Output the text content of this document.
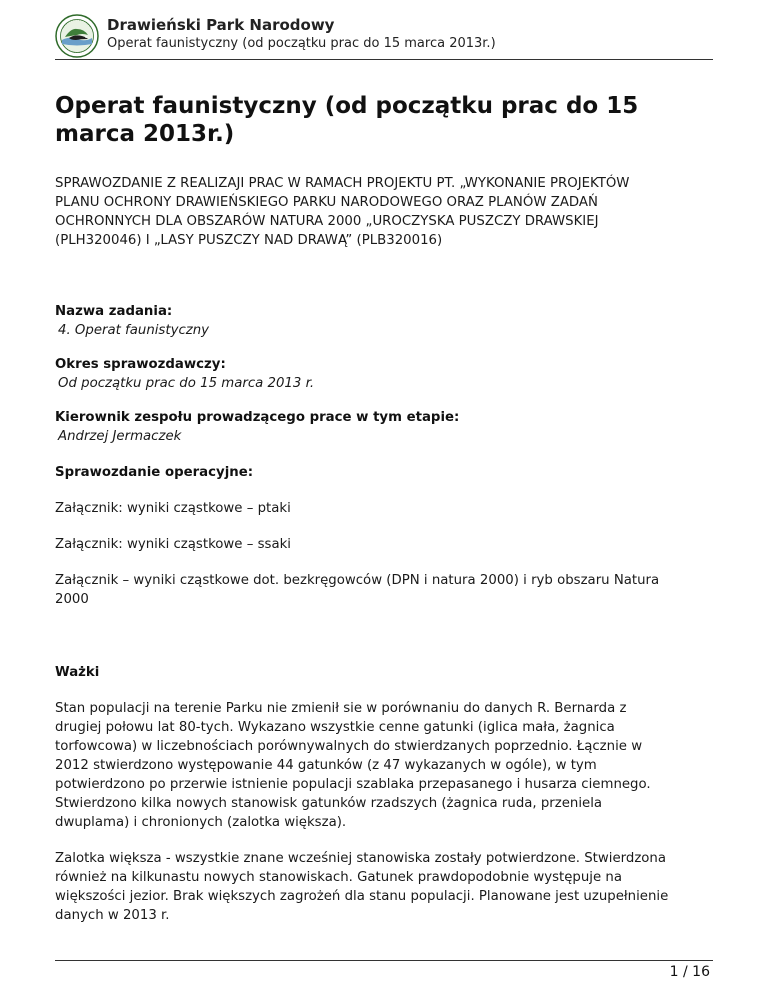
Drawieński Park Narodowy
Operat faunistyczny (od początku prac do 15 marca 2013r.)
Operat faunistyczny (od początku prac do 15 marca 2013r.)

SPRAWOZDANIE Z REALIZAJI PRAC W RAMACH PROJEKTU PT. „WYKONANIE PROJEKTÓW PLANU OCHRONY DRAWIEŃSKIEGO PARKU NARODOWEGO ORAZ PLANÓW ZADAŃ OCHRONNYCH DLA OBSZARÓW NATURA 2000 „UROCZYSKA PUSZCZY DRAWSKIEJ (PLH320046) I „LASY PUSZCZY NAD DRAWĄ” (PLB320016)

Nazwa zadania:
4. Operat faunistyczny
Okres sprawozdawczy:
Od początku prac do 15 marca 2013 r.
Kierownik zespołu prowadzącego prace w tym etapie:
Andrzej Jermaczek
Sprawozdanie operacyjne:

Załącznik: wyniki cząstkowe – ptaki

Załącznik: wyniki cząstkowe – ssaki

Załącznik – wyniki cząstkowe dot. bezkręgowców (DPN i natura 2000) i ryb obszaru Natura 2000

Ważki

Stan populacji na terenie Parku nie zmienił sie w porównaniu do danych R. Bernarda z drugiej połowu lat 80-tych. Wykazano wszystkie cenne gatunki (iglica mała, żagnica torfowcowa) w liczebnościach porównywalnych do stwierdzanych poprzednio. Łącznie w 2012 stwierdzono występowanie 44 gatunków (z 47 wykazanych w ogóle), w tym potwierdzono po przerwie istnienie populacji szablaka przepasanego i husarza ciemnego. Stwierdzono kilka nowych stanowisk gatunków rzadszych (żagnica ruda, przeniela dwuplama) i chronionych (zalotka większa).

Zalotka większa - wszystkie znane wcześniej stanowiska zostały potwierdzone. Stwierdzona również na kilkunastu nowych stanowiskach. Gatunek prawdopodobnie występuje na większości jezior. Brak większych zagrożeń dla stanu populacji. Planowane jest uzupełnienie danych w 2013 r.

1 / 16
